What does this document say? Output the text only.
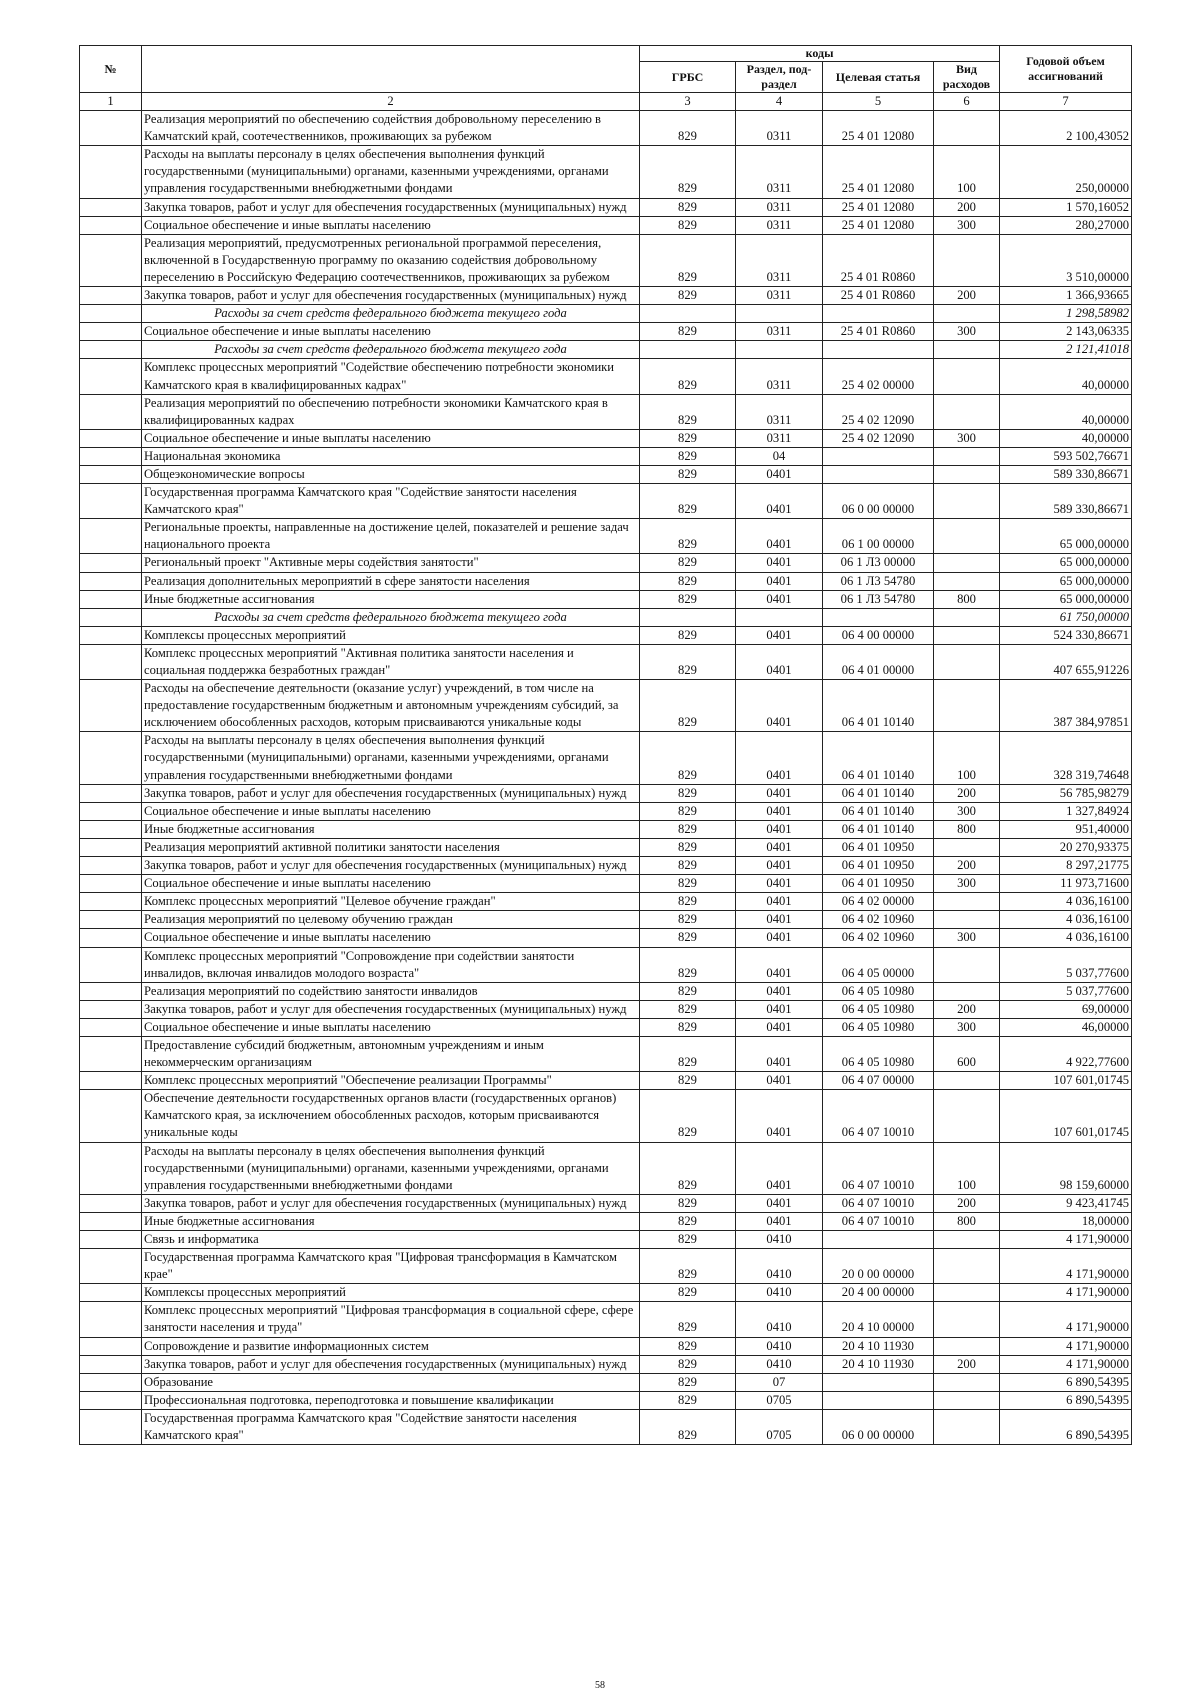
№		коды				Годовой объем ассигнований
		ГРБС	Раздел, под-раздел	Целевая статья	Вид расходов	
1	2	3	4	5	6	7
	Реализация мероприятий по обеспечению содействия добровольному переселению в Камчатский край, соотечественников, проживающих за рубежом	829	0311	25 4 01 12080		2 100,43052
	Расходы на выплаты персоналу в целях обеспечения выполнения функций государственными (муниципальными) органами, казенными учреждениями, органами управления государственными внебюджетными фондами	829	0311	25 4 01 12080	100	250,00000
	Закупка товаров, работ и услуг для обеспечения государственных (муниципальных) нужд	829	0311	25 4 01 12080	200	1 570,16052
	Социальное обеспечение и иные выплаты населению	829	0311	25 4 01 12080	300	280,27000
	Реализация мероприятий, предусмотренных региональной программой переселения, включенной в Государственную программу по оказанию содействия добровольному переселению в Российскую Федерацию соотечественников, проживающих за рубежом	829	0311	25 4 01 R0860		3 510,00000
	Закупка товаров, работ и услуг для обеспечения государственных (муниципальных) нужд	829	0311	25 4 01 R0860	200	1 366,93665
	Расходы за счет средств федерального бюджета текущего года					1 298,58982
	Социальное обеспечение и иные выплаты населению	829	0311	25 4 01 R0860	300	2 143,06335
	Расходы за счет средств федерального бюджета текущего года					2 121,41018
	Комплекс процессных мероприятий "Содействие обеспечению потребности экономики Камчатского края в квалифицированных кадрах"	829	0311	25 4 02 00000		40,00000
	Реализация мероприятий по обеспечению потребности экономики Камчатского края в квалифицированных кадрах	829	0311	25 4 02 12090		40,00000
	Социальное обеспечение и иные выплаты населению	829	0311	25 4 02 12090	300	40,00000
	Национальная экономика	829	04			593 502,76671
	Общеэкономические вопросы	829	0401			589 330,86671
	Государственная программа Камчатского края "Содействие занятости населения Камчатского края"	829	0401	06 0 00 00000		589 330,86671
	Региональные проекты, направленные на достижение целей, показателей и решение задач национального проекта	829	0401	06 1 00 00000		65 000,00000
	Региональный проект "Активные меры содействия занятости"	829	0401	06 1 Л3 00000		65 000,00000
	Реализация дополнительных мероприятий в сфере занятости населения	829	0401	06 1 Л3 54780		65 000,00000
	Иные бюджетные ассигнования	829	0401	06 1 Л3 54780	800	65 000,00000
	Расходы за счет средств федерального бюджета текущего года					61 750,00000
	Комплексы процессных мероприятий	829	0401	06 4 00 00000		524 330,86671
	Комплекс процессных мероприятий "Активная политика занятости населения и социальная поддержка безработных граждан"	829	0401	06 4 01 00000		407 655,91226
	Расходы на обеспечение деятельности (оказание услуг) учреждений, в том числе на предоставление государственным бюджетным и автономным учреждениям субсидий, за исключением обособленных расходов, которым присваиваются уникальные коды	829	0401	06 4 01 10140		387 384,97851
	Расходы на выплаты персоналу в целях обеспечения выполнения функций государственными (муниципальными) органами, казенными учреждениями, органами управления государственными внебюджетными фондами	829	0401	06 4 01 10140	100	328 319,74648
	Закупка товаров, работ и услуг для обеспечения государственных (муниципальных) нужд	829	0401	06 4 01 10140	200	56 785,98279
	Социальное обеспечение и иные выплаты населению	829	0401	06 4 01 10140	300	1 327,84924
	Иные бюджетные ассигнования	829	0401	06 4 01 10140	800	951,40000
	Реализация мероприятий активной политики занятости населения	829	0401	06 4 01 10950		20 270,93375
	Закупка товаров, работ и услуг для обеспечения государственных (муниципальных) нужд	829	0401	06 4 01 10950	200	8 297,21775
	Социальное обеспечение и иные выплаты населению	829	0401	06 4 01 10950	300	11 973,71600
	Комплекс процессных мероприятий "Целевое обучение граждан"	829	0401	06 4 02 00000		4 036,16100
	Реализация мероприятий по целевому обучению граждан	829	0401	06 4 02 10960		4 036,16100
	Социальное обеспечение и иные выплаты населению	829	0401	06 4 02 10960	300	4 036,16100
	Комплекс процессных мероприятий "Сопровождение при содействии занятости инвалидов, включая инвалидов молодого возраста"	829	0401	06 4 05 00000		5 037,77600
	Реализация мероприятий по содействию занятости инвалидов	829	0401	06 4 05 10980		5 037,77600
	Закупка товаров, работ и услуг для обеспечения государственных (муниципальных) нужд	829	0401	06 4 05 10980	200	69,00000
	Социальное обеспечение и иные выплаты населению	829	0401	06 4 05 10980	300	46,00000
	Предоставление субсидий бюджетным, автономным учреждениям и иным некоммерческим организациям	829	0401	06 4 05 10980	600	4 922,77600
	Комплекс процессных мероприятий "Обеспечение реализации Программы"	829	0401	06 4 07 00000		107 601,01745
	Обеспечение деятельности государственных органов власти (государственных органов) Камчатского края, за исключением обособленных расходов, которым присваиваются уникальные коды	829	0401	06 4 07 10010		107 601,01745
	Расходы на выплаты персоналу в целях обеспечения выполнения функций государственными (муниципальными) органами, казенными учреждениями, органами управления государственными внебюджетными фондами	829	0401	06 4 07 10010	100	98 159,60000
	Закупка товаров, работ и услуг для обеспечения государственных (муниципальных) нужд	829	0401	06 4 07 10010	200	9 423,41745
	Иные бюджетные ассигнования	829	0401	06 4 07 10010	800	18,00000
	Связь и информатика	829	0410			4 171,90000
	Государственная программа Камчатского края "Цифровая трансформация в Камчатском крае"	829	0410	20 0 00 00000		4 171,90000
	Комплексы процессных мероприятий	829	0410	20 4 00 00000		4 171,90000
	Комплекс процессных мероприятий "Цифровая трансформация в социальной сфере, сфере занятости населения и труда"	829	0410	20 4 10 00000		4 171,90000
	Сопровождение и развитие информационных систем	829	0410	20 4 10 11930		4 171,90000
	Закупка товаров, работ и услуг для обеспечения государственных (муниципальных) нужд	829	0410	20 4 10 11930	200	4 171,90000
	Образование	829	07			6 890,54395
	Профессиональная подготовка, переподготовка и повышение квалификации	829	0705			6 890,54395
	Государственная программа Камчатского края "Содействие занятости населения Камчатского края"	829	0705	06 0 00 00000		6 890,54395
58
